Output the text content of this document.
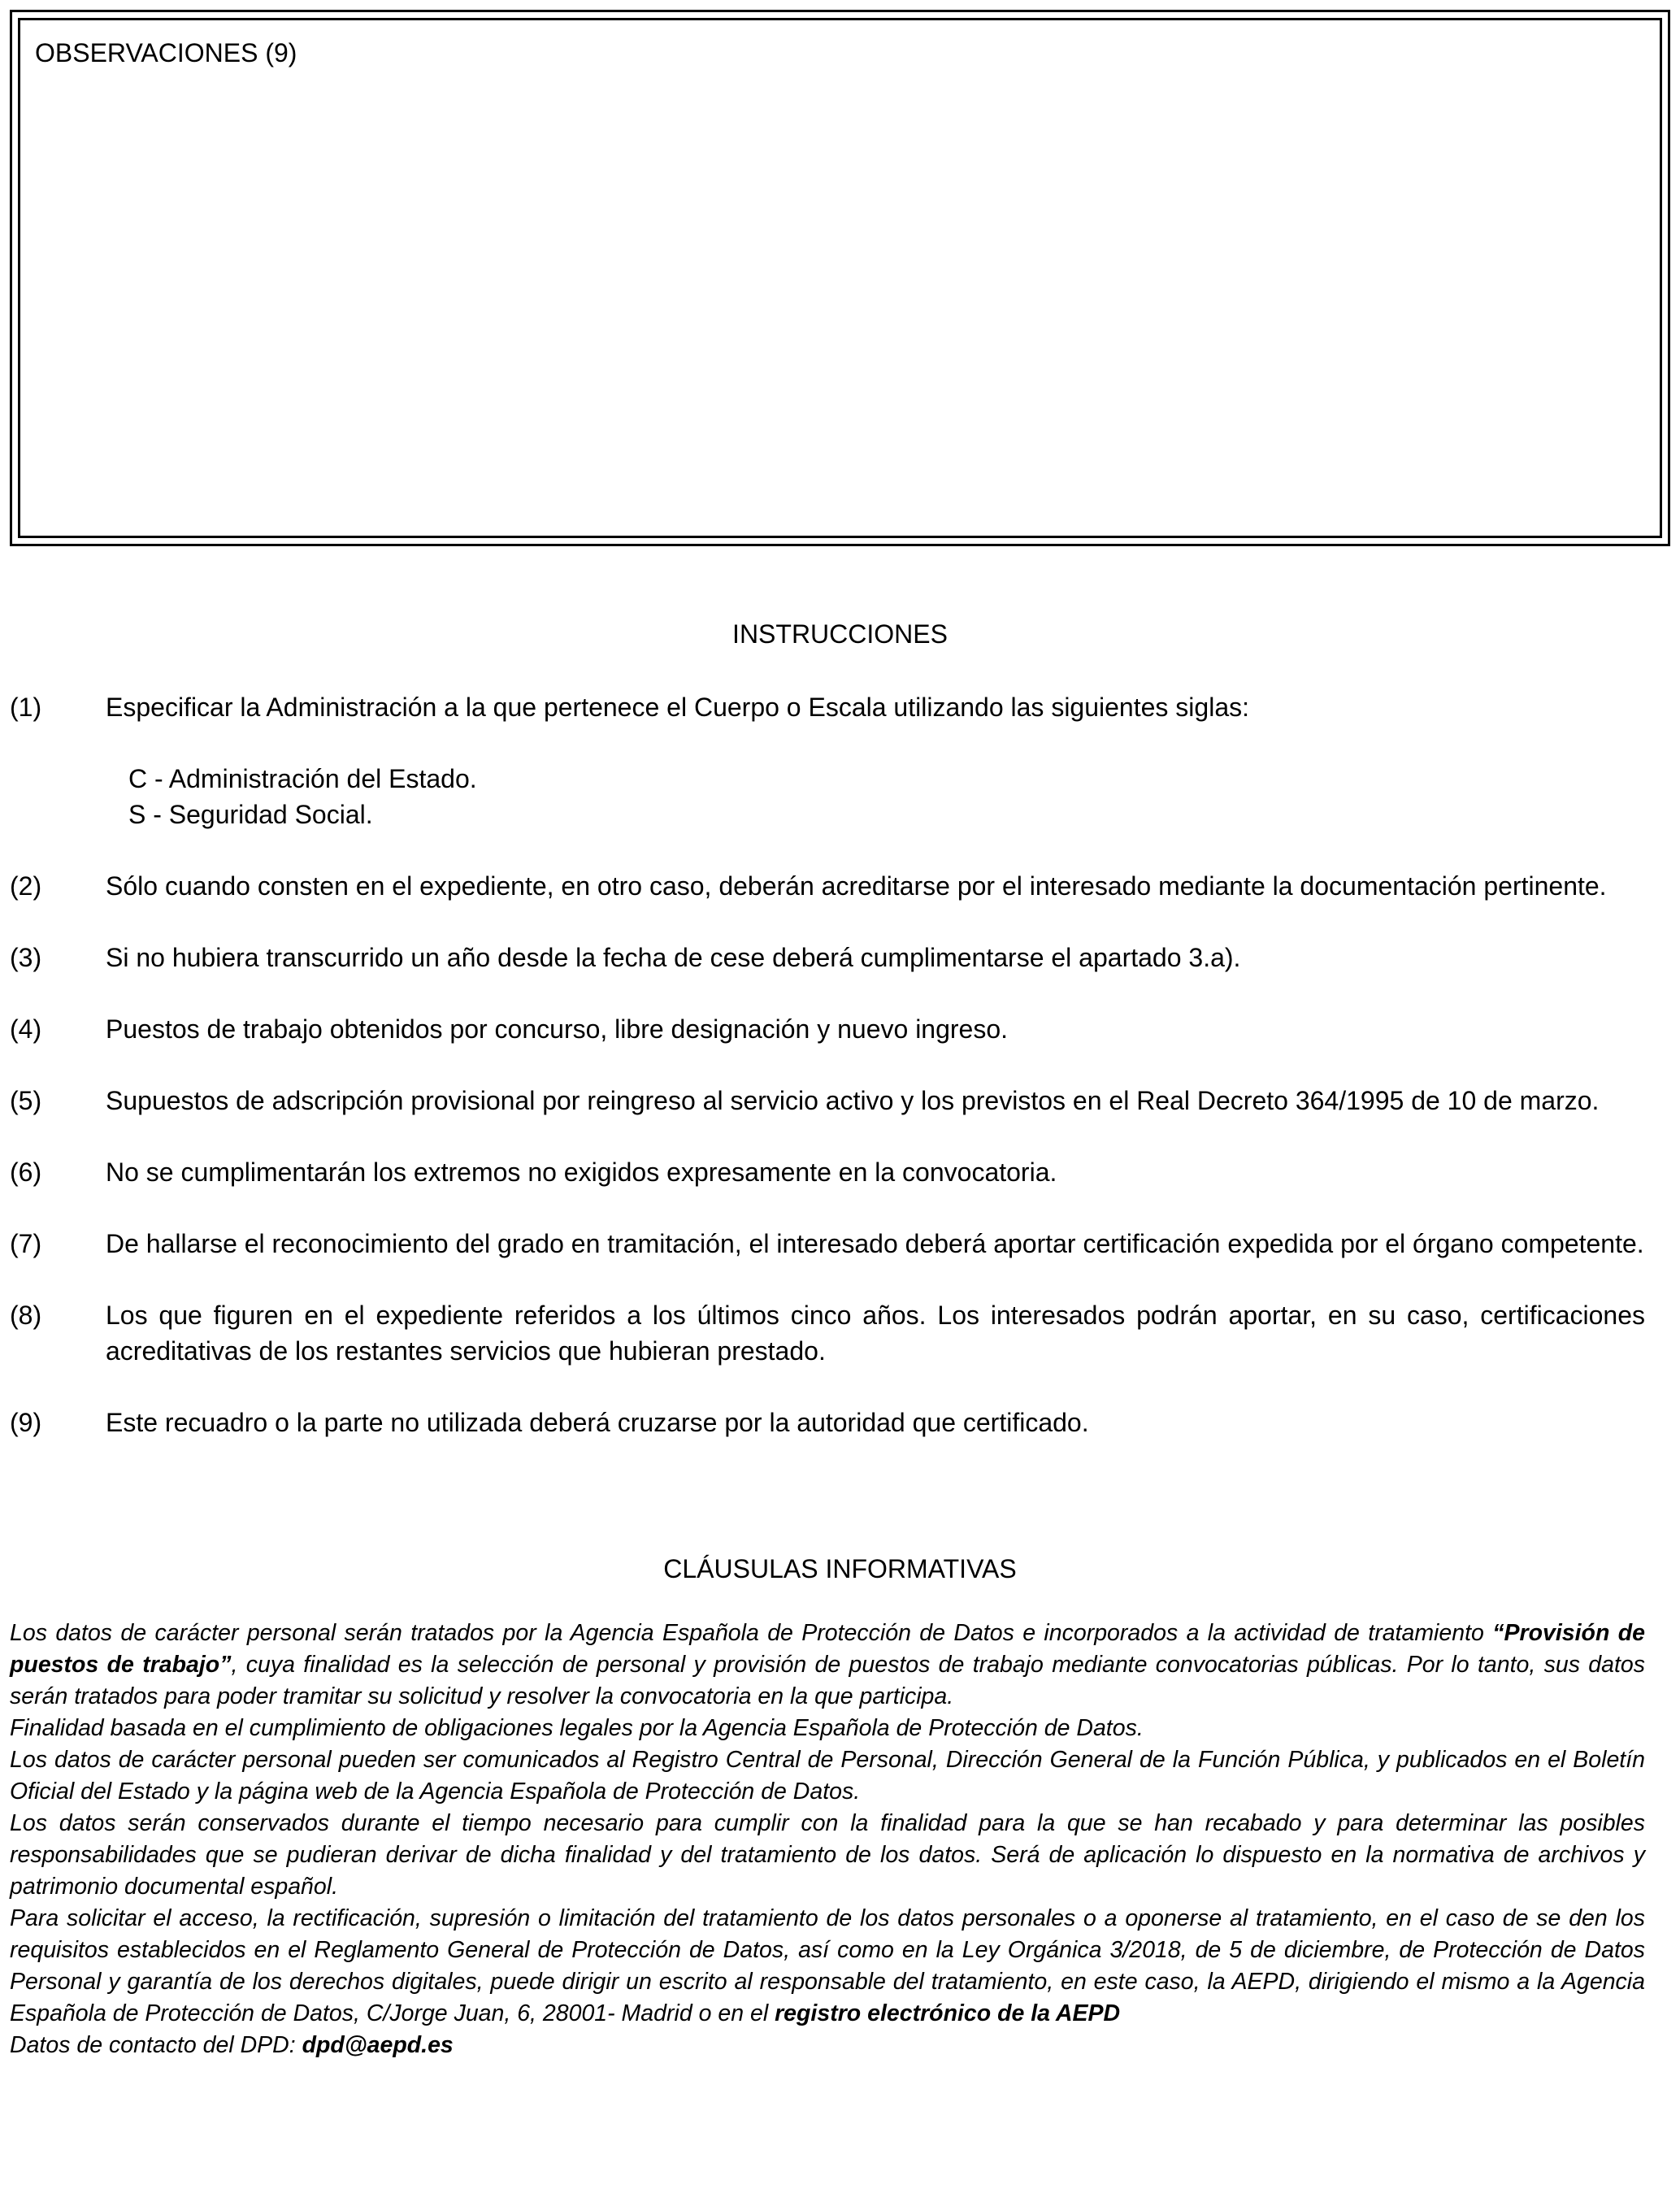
OBSERVACIONES (9)
INSTRUCCIONES
(1)	Especificar la Administración a la que pertenece el Cuerpo o Escala utilizando las siguientes siglas:
C - Administración del Estado.
S - Seguridad Social.
(2)	Sólo cuando consten en el expediente, en otro caso, deberán acreditarse por el interesado mediante la documentación pertinente.
(3)	Si no hubiera transcurrido un año desde la fecha de cese deberá cumplimentarse el apartado 3.a).
(4)	Puestos de trabajo obtenidos por concurso, libre designación y nuevo ingreso.
(5)	Supuestos de adscripción provisional por reingreso al servicio activo y los previstos en el Real Decreto 364/1995 de 10 de marzo.
(6)	No se cumplimentarán los extremos no exigidos expresamente en la convocatoria.
(7)	De hallarse el reconocimiento del grado en tramitación, el interesado deberá aportar certificación expedida por el órgano competente.
(8)	Los que figuren en el expediente referidos a los últimos cinco años. Los interesados podrán aportar, en su caso, certificaciones acreditativas de los restantes servicios que hubieran prestado.
(9)	Este recuadro o la parte no utilizada deberá cruzarse por la autoridad que certificado.
CLÁUSULAS INFORMATIVAS

Los datos de carácter personal serán tratados por la Agencia Española de Protección de Datos e incorporados a la actividad de tratamiento “Provisión de puestos de trabajo”, cuya finalidad es la selección de personal y provisión de puestos de trabajo mediante convocatorias públicas. Por lo tanto, sus datos serán tratados para poder tramitar su solicitud y resolver la convocatoria en la que participa.

Finalidad basada en el cumplimiento de obligaciones legales por la Agencia Española de Protección de Datos.

Los datos de carácter personal pueden ser comunicados al Registro Central de Personal, Dirección General de la Función Pública, y publicados en el Boletín Oficial del Estado y la página web de la Agencia Española de Protección de Datos.

Los datos serán conservados durante el tiempo necesario para cumplir con la finalidad para la que se han recabado y para determinar las posibles responsabilidades que se pudieran derivar de dicha finalidad y del tratamiento de los datos. Será de aplicación lo dispuesto en la normativa de archivos y patrimonio documental español.

Para solicitar el acceso, la rectificación, supresión o limitación del tratamiento de los datos personales o a oponerse al tratamiento, en el caso de se den los requisitos establecidos en el Reglamento General de Protección de Datos, así como en la Ley Orgánica 3/2018, de 5 de diciembre, de Protección de Datos Personal y garantía de los derechos digitales, puede dirigir un escrito al responsable del tratamiento, en este caso, la AEPD, dirigiendo el mismo a la Agencia Española de Protección de Datos, C/Jorge Juan, 6, 28001- Madrid o en el registro electrónico de la AEPD

Datos de contacto del DPD: dpd@aepd.es
